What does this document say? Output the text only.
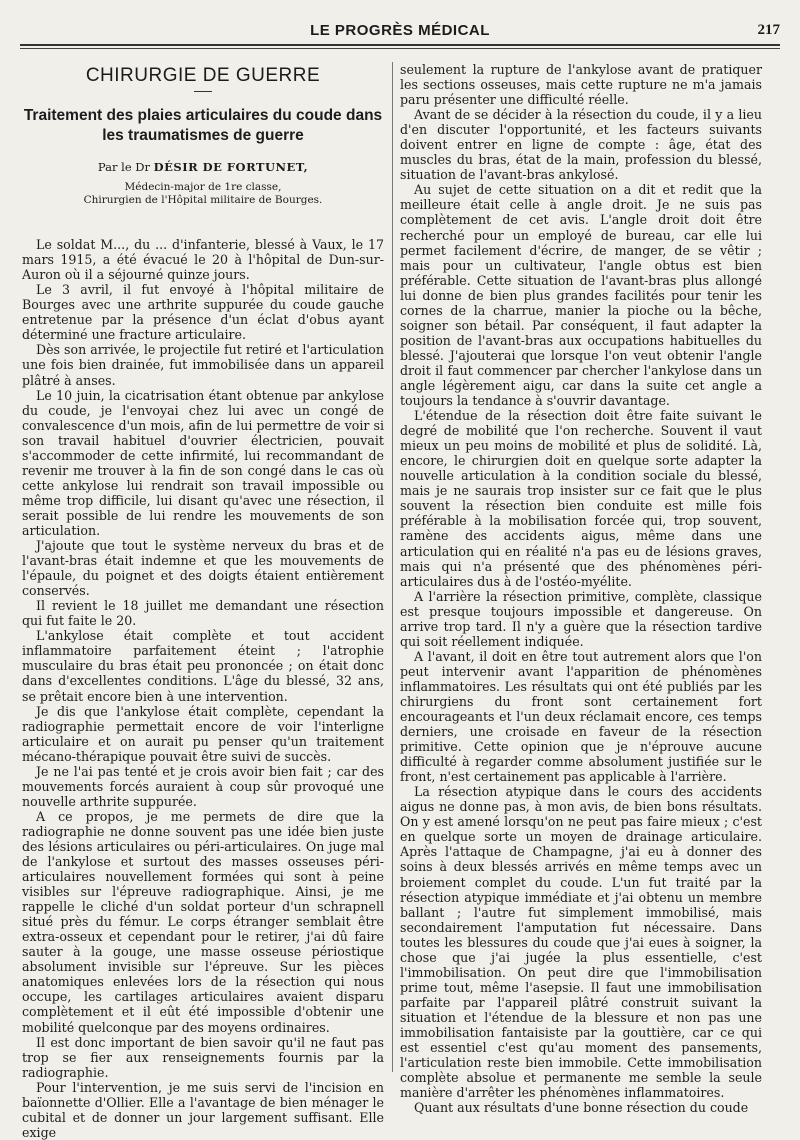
LE PROGRÈS MÉDICAL	217
CHIRURGIE DE GUERRE
Traitement des plaies articulaires du coude dans les traumatismes de guerre
Par le Dr DÉSIR DE FORTUNET,
Médecin-major de 1re classe,
Chirurgien de l'Hôpital militaire de Bourges.

Le soldat M..., du ... d'infanterie, blessé à Vaux, le 17 mars 1915, a été évacué le 20 à l'hôpital de Dun-sur-Auron où il a séjourné quinze jours.

Le 3 avril, il fut envoyé à l'hôpital militaire de Bourges avec une arthrite suppurée du coude gauche entretenue par la présence d'un éclat d'obus ayant déterminé une fracture articulaire.

Dès son arrivée, le projectile fut retiré et l'articulation une fois bien drainée, fut immobilisée dans un appareil plâtré à anses.

Le 10 juin, la cicatrisation étant obtenue par ankylose du coude, je l'envoyai chez lui avec un congé de convalescence d'un mois, afin de lui permettre de voir si son travail habituel d'ouvrier électricien, pouvait s'accommoder de cette infirmité, lui recommandant de revenir me trouver à la fin de son congé dans le cas où cette ankylose lui rendrait son travail impossible ou même trop difficile, lui disant qu'avec une résection, il serait possible de lui rendre les mouvements de son articulation.

J'ajoute que tout le système nerveux du bras et de l'avant-bras était indemne et que les mouvements de l'épaule, du poignet et des doigts étaient entièrement conservés.

Il revient le 18 juillet me demandant une résection qui fut faite le 20.

L'ankylose était complète et tout accident inflammatoire parfaitement éteint ; l'atrophie musculaire du bras était peu prononcée ; on était donc dans d'excellentes conditions. L'âge du blessé, 32 ans, se prêtait encore bien à une intervention.

Je dis que l'ankylose était complète, cependant la radiographie permettait encore de voir l'interligne articulaire et on aurait pu penser qu'un traitement mécano-thérapique pouvait être suivi de succès.

Je ne l'ai pas tenté et je crois avoir bien fait ; car des mouvements forcés auraient à coup sûr provoqué une nouvelle arthrite suppurée.

A ce propos, je me permets de dire que la radiographie ne donne souvent pas une idée bien juste des lésions articulaires ou péri-articulaires. On juge mal de l'ankylose et surtout des masses osseuses péri-articulaires nouvellement formées qui sont à peine visibles sur l'épreuve radiographique. Ainsi, je me rappelle le cliché d'un soldat porteur d'un schrapnell situé près du fémur. Le corps étranger semblait être extra-osseux et cependant pour le retirer, j'ai dû faire sauter à la gouge, une masse osseuse périostique absolument invisible sur l'épreuve. Sur les pièces anatomiques enlevées lors de la résection qui nous occupe, les cartilages articulaires avaient disparu complètement et il eût été impossible d'obtenir une mobilité quelconque par des moyens ordinaires.

Il est donc important de bien savoir qu'il ne faut pas trop se fier aux renseignements fournis par la radiographie.

Pour l'intervention, je me suis servi de l'incision en baïonnette d'Ollier. Elle a l'avantage de bien ménager le cubital et de donner un jour largement suffisant. Elle exige

seulement la rupture de l'ankylose avant de pratiquer les sections osseuses, mais cette rupture ne m'a jamais paru présenter une difficulté réelle.

Avant de se décider à la résection du coude, il y a lieu d'en discuter l'opportunité, et les facteurs suivants doivent entrer en ligne de compte : âge, état des muscles du bras, état de la main, profession du blessé, situation de l'avant-bras ankylosé.

Au sujet de cette situation on a dit et redit que la meilleure était celle à angle droit. Je ne suis pas complètement de cet avis. L'angle droit doit être recherché pour un employé de bureau, car elle lui permet facilement d'écrire, de manger, de se vêtir ; mais pour un cultivateur, l'angle obtus est bien préférable. Cette situation de l'avant-bras plus allongé lui donne de bien plus grandes facilités pour tenir les cornes de la charrue, manier la pioche ou la bêche, soigner son bétail. Par conséquent, il faut adapter la position de l'avant-bras aux occupations habituelles du blessé. J'ajouterai que lorsque l'on veut obtenir l'angle droit il faut commencer par chercher l'ankylose dans un angle légèrement aigu, car dans la suite cet angle a toujours la tendance à s'ouvrir davantage.

L'étendue de la résection doit être faite suivant le degré de mobilité que l'on recherche. Souvent il vaut mieux un peu moins de mobilité et plus de solidité. Là, encore, le chirurgien doit en quelque sorte adapter la nouvelle articulation à la condition sociale du blessé, mais je ne saurais trop insister sur ce fait que le plus souvent la résection bien conduite est mille fois préférable à la mobilisation forcée qui, trop souvent, ramène des accidents aigus, même dans une articulation qui en réalité n'a pas eu de lésions graves, mais qui n'a présenté que des phénomènes péri-articulaires dus à de l'ostéo-myélite.

A l'arrière la résection primitive, complète, classique est presque toujours impossible et dangereuse. On arrive trop tard. Il n'y a guère que la résection tardive qui soit réellement indiquée.

A l'avant, il doit en être tout autrement alors que l'on peut intervenir avant l'apparition de phénomènes inflammatoires. Les résultats qui ont été publiés par les chirurgiens du front sont certainement fort encourageants et l'un deux réclamait encore, ces temps derniers, une croisade en faveur de la résection primitive. Cette opinion que je n'éprouve aucune difficulté à regarder comme absolument justifiée sur le front, n'est certainement pas applicable à l'arrière.

La résection atypique dans le cours des accidents aigus ne donne pas, à mon avis, de bien bons résultats. On y est amené lorsqu'on ne peut pas faire mieux ; c'est en quelque sorte un moyen de drainage articulaire. Après l'attaque de Champagne, j'ai eu à donner des soins à deux blessés arrivés en même temps avec un broiement complet du coude. L'un fut traité par la résection atypique immédiate et j'ai obtenu un membre ballant ; l'autre fut simplement immobilisé, mais secondairement l'amputation fut nécessaire. Dans toutes les blessures du coude que j'ai eues à soigner, la chose que j'ai jugée la plus essentielle, c'est l'immobilisation. On peut dire que l'immobilisation prime tout, même l'asepsie. Il faut une immobilisation parfaite par l'appareil plâtré construit suivant la situation et l'étendue de la blessure et non pas une immobilisation fantaisiste par la gouttière, car ce qui est essentiel c'est qu'au moment des pansements, l'articulation reste bien immobile. Cette immobilisation complète absolue et permanente me semble la seule manière d'arrêter les phénomènes inflammatoires.

Quant aux résultats d'une bonne résection du coude
